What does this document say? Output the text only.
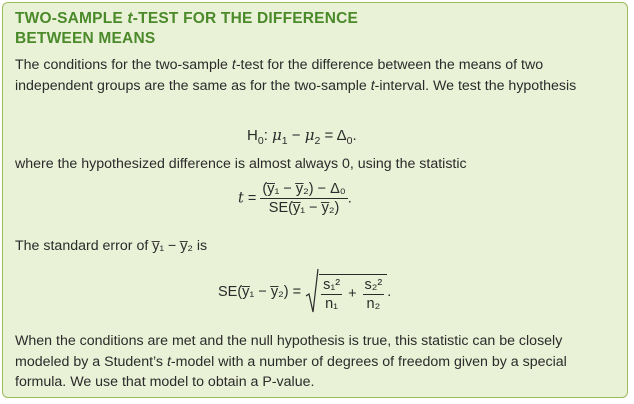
TWO-SAMPLE t-TEST FOR THE DIFFERENCE
BETWEEN MEANS

The conditions for the two-sample t-test for the difference between the means of two independent groups are the same as for the two-sample t-interval. We test the hypothesis

$H_0$: $\mu_1 - \mu_2 = \Delta_0$.

where the hypothesized difference is almost always 0, using the statistic

$t = \frac{\text{(y̅₁ − y̅₂) − Δ₀}}{\text{SE(y̅₁ − y̅₂)}}$ .

The standard error of y̅₁ − y̅₂ is

SE(y̅₁ − y̅₂) = $\frac{\text{s₁²}}{\text{n₁}} + \frac{\text{s₂²}}{\text{n₂}}$ .

When the conditions are met and the null hypothesis is true, this statistic can be closely modeled by a Student’s t-model with a number of degrees of freedom given by a special formula. We use that model to obtain a P-value.
